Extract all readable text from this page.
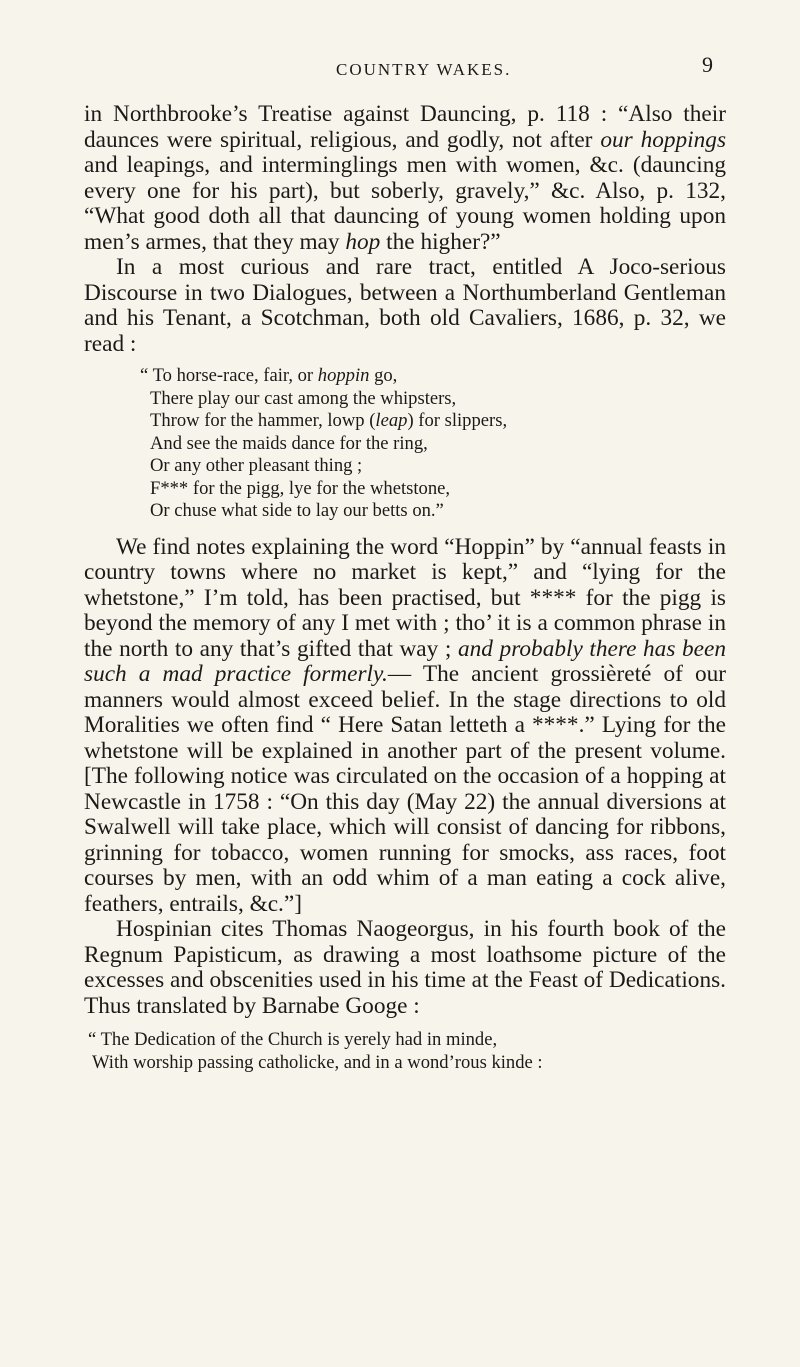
COUNTRY WAKES.	9

in Northbrooke’s Treatise against Dauncing, p. 118 : “Also their daunces were spiritual, religious, and godly, not after our hoppings and leapings, and interminglings men with women, &c. (dauncing every one for his part), but soberly, gravely,” &c. Also, p. 132, “What good doth all that dauncing of young women holding upon men’s armes, that they may hop the higher?”

In a most curious and rare tract, entitled A Joco-serious Discourse in two Dialogues, between a Northumberland Gentleman and his Tenant, a Scotchman, both old Cavaliers, 1686, p. 32, we read :

“ To horse-race, fair, or hoppin go,
There play our cast among the whipsters,
Throw for the hammer, lowp (leap) for slippers,
And see the maids dance for the ring,
Or any other pleasant thing ;
F*** for the pigg, lye for the whetstone,
Or chuse what side to lay our betts on.”

We find notes explaining the word “Hoppin” by “annual feasts in country towns where no market is kept,” and “lying for the whetstone,” I’m told, has been practised, but **** for the pigg is beyond the memory of any I met with ; tho’ it is a common phrase in the north to any that’s gifted that way ; and probably there has been such a mad practice formerly.— The ancient grossièreté of our manners would almost exceed belief. In the stage directions to old Moralities we often find “ Here Satan letteth a ****.” Lying for the whetstone will be explained in another part of the present volume. [The following notice was circulated on the occasion of a hopping at Newcastle in 1758 : “On this day (May 22) the annual diversions at Swalwell will take place, which will consist of dancing for ribbons, grinning for tobacco, women running for smocks, ass races, foot courses by men, with an odd whim of a man eating a cock alive, feathers, entrails, &c.”]

Hospinian cites Thomas Naogeorgus, in his fourth book of the Regnum Papisticum, as drawing a most loathsome picture of the excesses and obscenities used in his time at the Feast of Dedications. Thus translated by Barnabe Googe :

“ The Dedication of the Church is yerely had in minde,
With worship passing catholicke, and in a wond’rous kinde :
